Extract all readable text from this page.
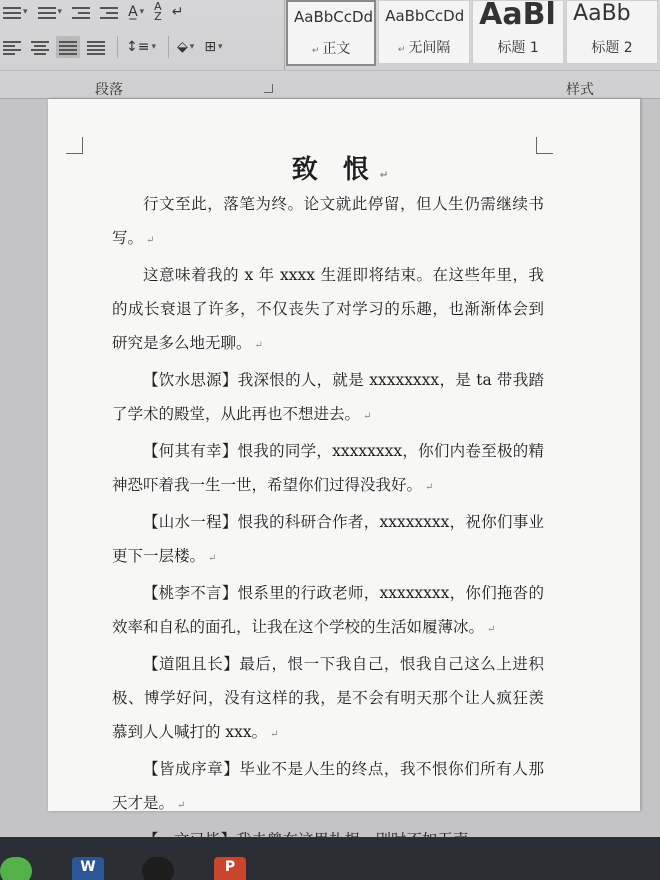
▾	▾	A̲ ▾ A
Z ↵
↕≡ ▾ ⬙ ▾ ⊞ ▾
AaBbCcDd
↵ 正文
AaBbCcDd
↵ 无间隔
AaBl
标题 1
AaBb
标题 2
段落	样式
致 恨 ↵

行文至此，落笔为终。论文就此停留，但人生仍需继续书写。 ↵

这意味着我的 x 年 xxxx 生涯即将结束。在这些年里，我的成长衰退了许多，不仅丧失了对学习的乐趣，也渐渐体会到研究是多么地无聊。 ↵

【饮水思源】我深恨的人，就是 xxxxxxxx，是 ta 带我踏了学术的殿堂，从此再也不想进去。 ↵

【何其有幸】恨我的同学，xxxxxxxx，你们内卷至极的精神恐吓着我一生一世，希望你们过得没我好。 ↵

【山水一程】恨我的科研合作者，xxxxxxxx，祝你们事业更下一层楼。 ↵

【桃李不言】恨系里的行政老师，xxxxxxxx，你们拖沓的效率和自私的面孔，让我在这个学校的生活如履薄冰。 ↵

【道阻且长】最后，恨一下我自己，恨我自己这么上进积极、博学好问，没有这样的我，是不会有明天那个让人疯狂羡慕到人人喊打的 xxx。 ↵

【皆成序章】毕业不是人生的终点，我不恨你们所有人那天才是。 ↵

W	P
